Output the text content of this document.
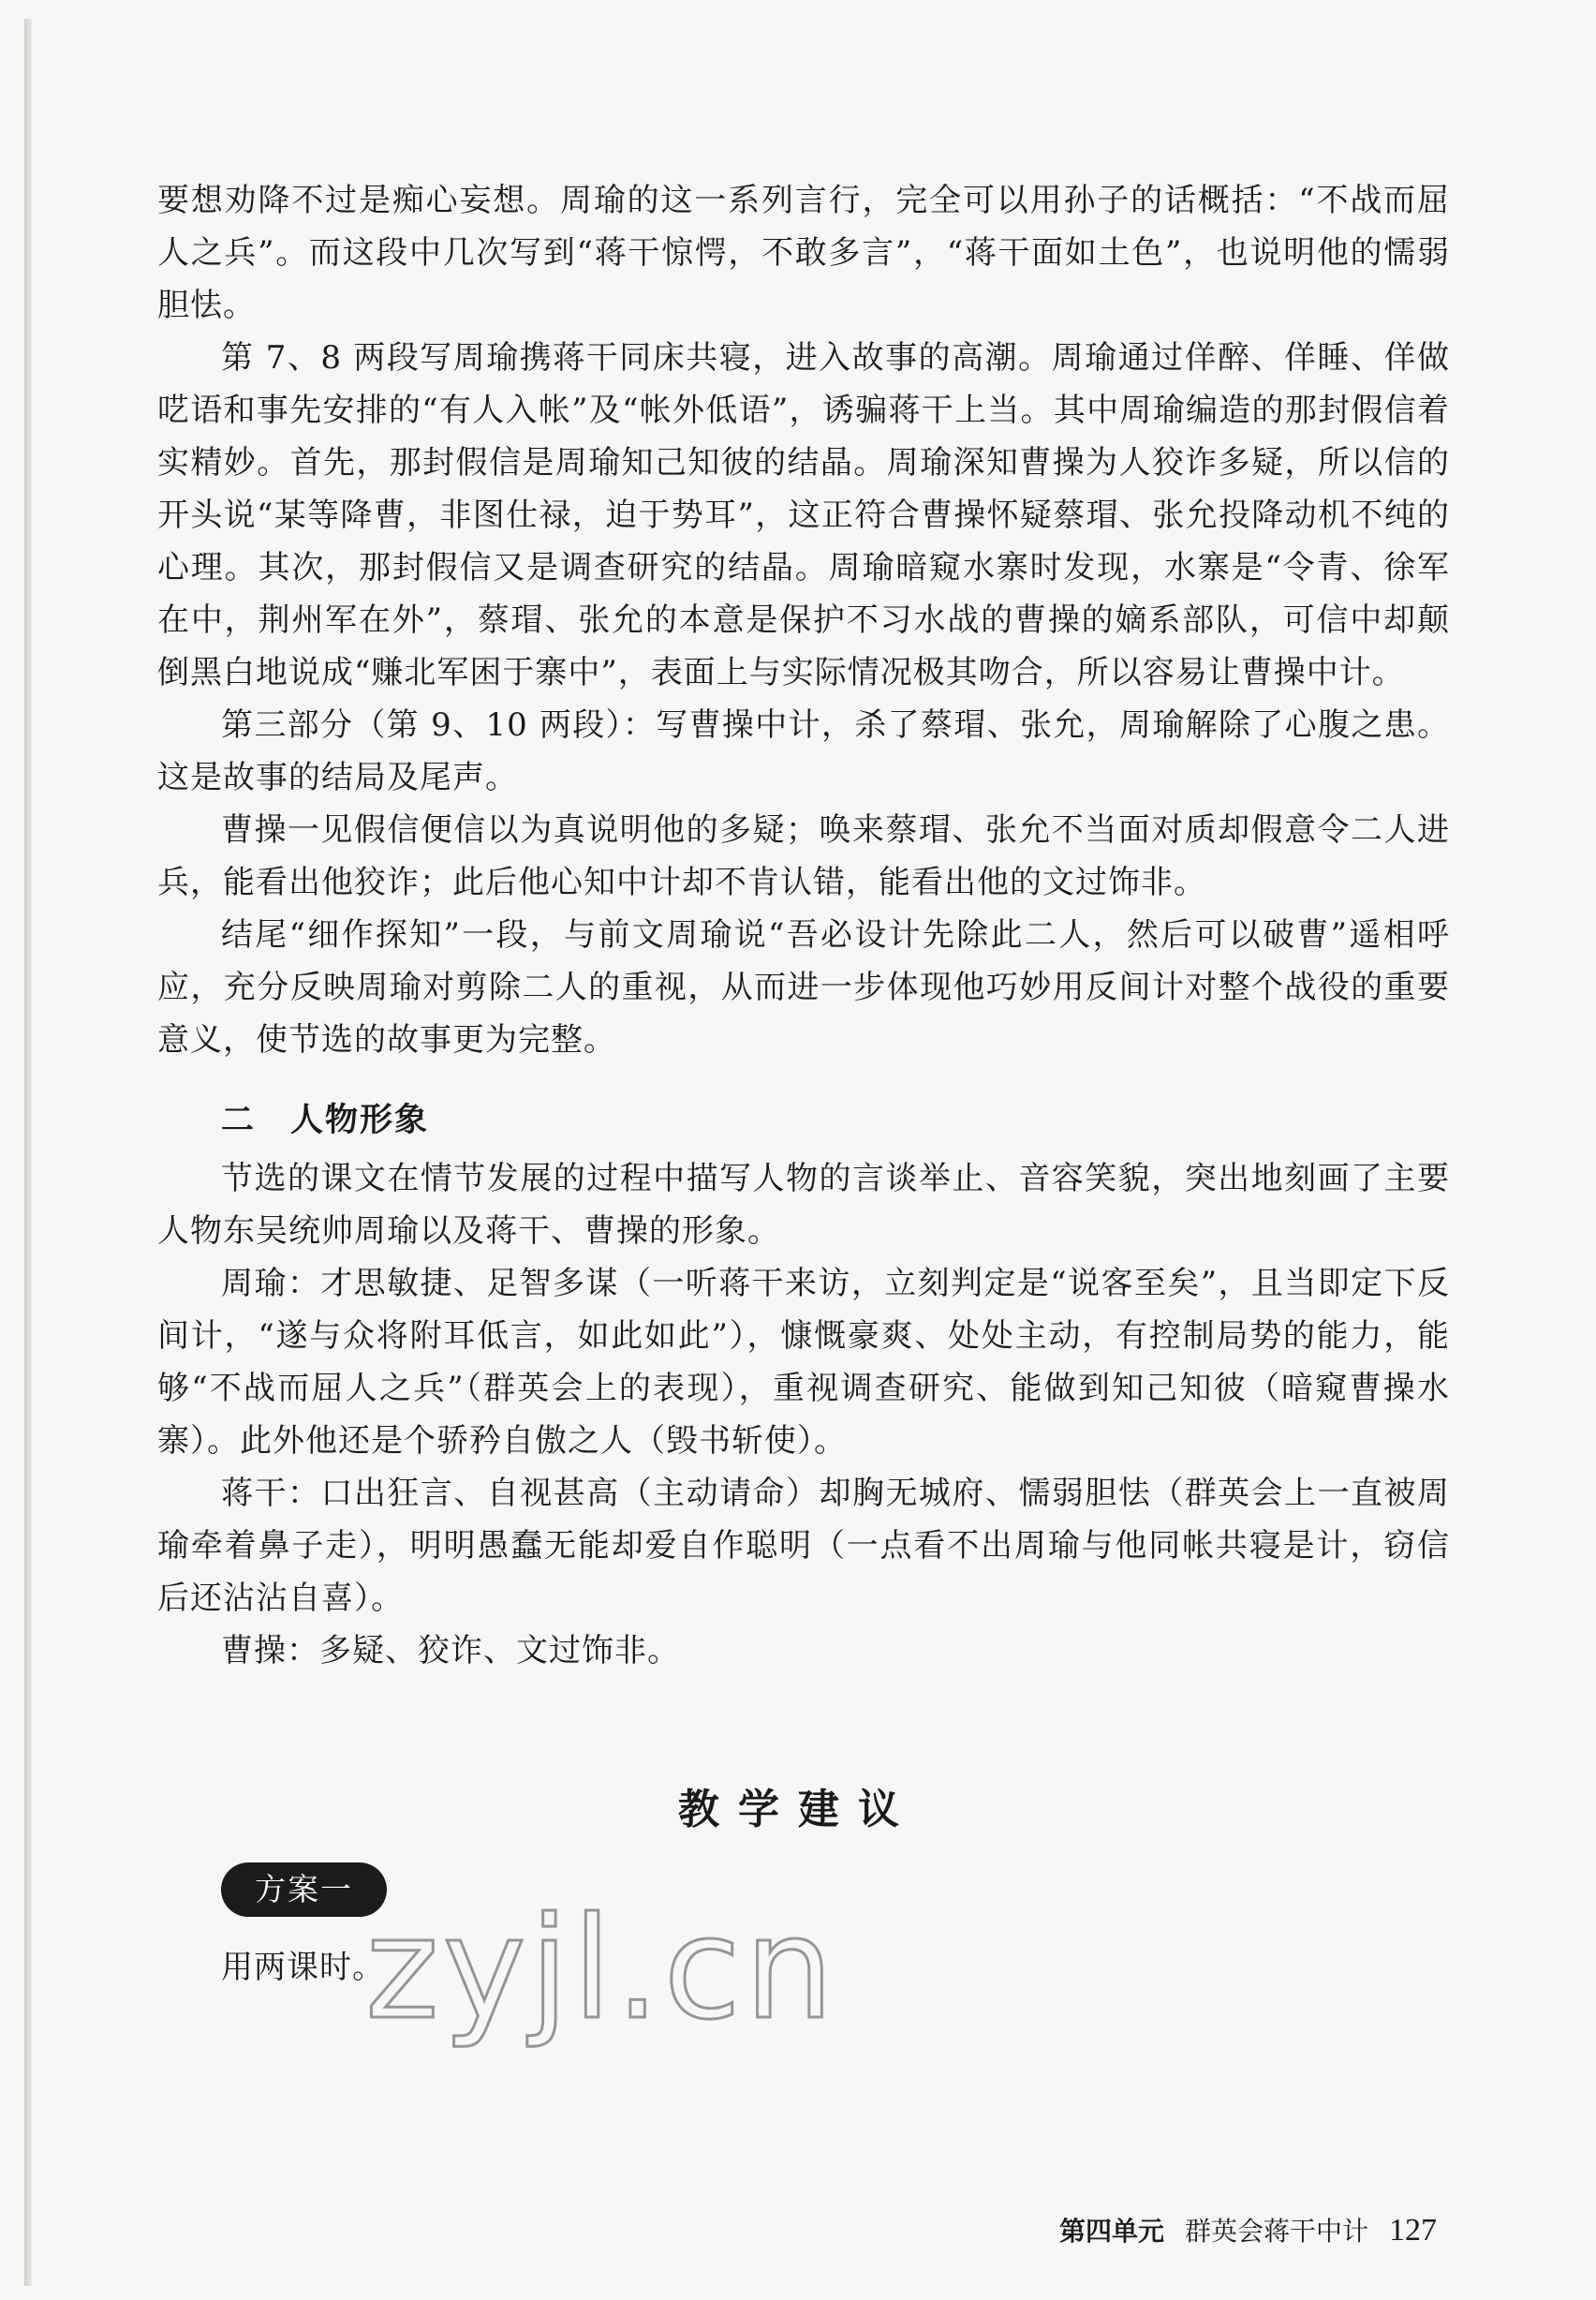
要想劝降不过是痴心妄想。周瑜的这一系列言行，完全可以用孙子的话概括：“不战而屈人之兵”。而这段中几次写到“蒋干惊愕，不敢多言”，“蒋干面如土色”，也说明他的懦弱胆怯。

第 7、8 两段写周瑜携蒋干同床共寝，进入故事的高潮。周瑜通过佯醉、佯睡、佯做呓语和事先安排的“有人入帐”及“帐外低语”，诱骗蒋干上当。其中周瑜编造的那封假信着实精妙。首先，那封假信是周瑜知己知彼的结晶。周瑜深知曹操为人狡诈多疑，所以信的开头说“某等降曹，非图仕禄，迫于势耳”，这正符合曹操怀疑蔡瑁、张允投降动机不纯的心理。其次，那封假信又是调查研究的结晶。周瑜暗窥水寨时发现，水寨是“令青、徐军在中，荆州军在外”，蔡瑁、张允的本意是保护不习水战的曹操的嫡系部队，可信中却颠倒黑白地说成“赚北军困于寨中”，表面上与实际情况极其吻合，所以容易让曹操中计。

第三部分（第 9、10 两段）：写曹操中计，杀了蔡瑁、张允，周瑜解除了心腹之患。这是故事的结局及尾声。

曹操一见假信便信以为真说明他的多疑；唤来蔡瑁、张允不当面对质却假意令二人进兵，能看出他狡诈；此后他心知中计却不肯认错，能看出他的文过饰非。

结尾“细作探知”一段，与前文周瑜说“吾必设计先除此二人，然后可以破曹”遥相呼应，充分反映周瑜对剪除二人的重视，从而进一步体现他巧妙用反间计对整个战役的重要意义，使节选的故事更为完整。

二　人物形象

节选的课文在情节发展的过程中描写人物的言谈举止、音容笑貌，突出地刻画了主要人物东吴统帅周瑜以及蒋干、曹操的形象。

周瑜：才思敏捷、足智多谋（一听蒋干来访，立刻判定是“说客至矣”，且当即定下反间计，“遂与众将附耳低言，如此如此”），慷慨豪爽、处处主动，有控制局势的能力，能够“不战而屈人之兵”（群英会上的表现），重视调查研究、能做到知己知彼（暗窥曹操水寨）。此外他还是个骄矜自傲之人（毁书斩使）。

蒋干：口出狂言、自视甚高（主动请命）却胸无城府、懦弱胆怯（群英会上一直被周瑜牵着鼻子走），明明愚蠢无能却爱自作聪明（一点看不出周瑜与他同帐共寝是计，窃信后还沾沾自喜）。

曹操：多疑、狡诈、文过饰非。

教学建议
方案一
用两课时。
zyjl.cn
第四单元 群英会蒋干中计 127
